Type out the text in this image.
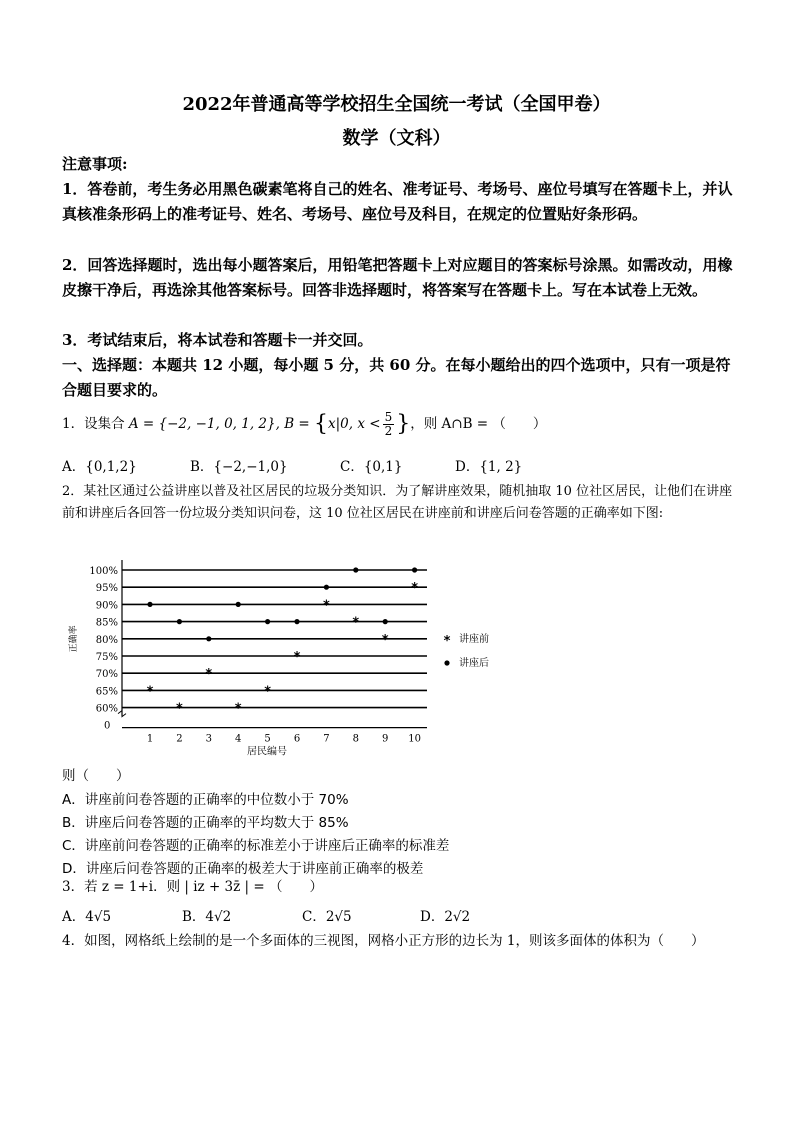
2022年普通高等学校招生全国统一考试（全国甲卷）
数学（文科）
注意事项:
1．答卷前，考生务必用黑色碳素笔将自己的姓名、准考证号、考场号、座位号填写在答题卡上，并认真核准条形码上的准考证号、姓名、考场号、座位号及科目，在规定的位置贴好条形码。
2．回答选择题时，选出每小题答案后，用铅笔把答题卡上对应题目的答案标号涂黑。如需改动，用橡皮擦干净后，再选涂其他答案标号。回答非选择题时，将答案写在答题卡上。写在本试卷上无效。
3．考试结束后，将本试卷和答题卡一并交回。
一、选择题：本题共 12 小题，每小题 5 分，共 60 分。在每小题给出的四个选项中，只有一项是符合题目要求的。
1．设集合 A = {−2, −1, 0, 1, 2}, B = {x|0, $x < \frac{5}{2}$ }，则 A∩B = （　　）
A．{0,1,2}	B．{−2,−1,0}	C．{0,1}	D．{1, 2}
2．某社区通过公益讲座以普及社区居民的垃圾分类知识．为了解讲座效果，随机抽取 10 位社区居民，让他们在讲座前和讲座后各回答一份垃圾分类知识问卷，这 10 位社区居民在讲座前和讲座后问卷答题的正确率如下图:
100%
95%
90%
85%
80%
75%
70%
65%
60%
0
1 2 3 4 5 6 7 8 9 10
居民编号
正确率
*
*
*
*
*
*
*
*
*
*
* 讲座前
讲座后
则（　　）
A．讲座前问卷答题的正确率的中位数小于 70%
B．讲座后问卷答题的正确率的平均数大于 85%
C．讲座前问卷答题的正确率的标准差小于讲座后正确率的标准差
D．讲座后问卷答题的正确率的极差大于讲座前正确率的极差
3．若 z = 1+i．则 | iz + 3z̄ | = （　　）
A．4√5	B．4√2	C．2√5	D．2√2
4．如图，网格纸上绘制的是一个多面体的三视图，网格小正方形的边长为 1，则该多面体的体积为（　　）
